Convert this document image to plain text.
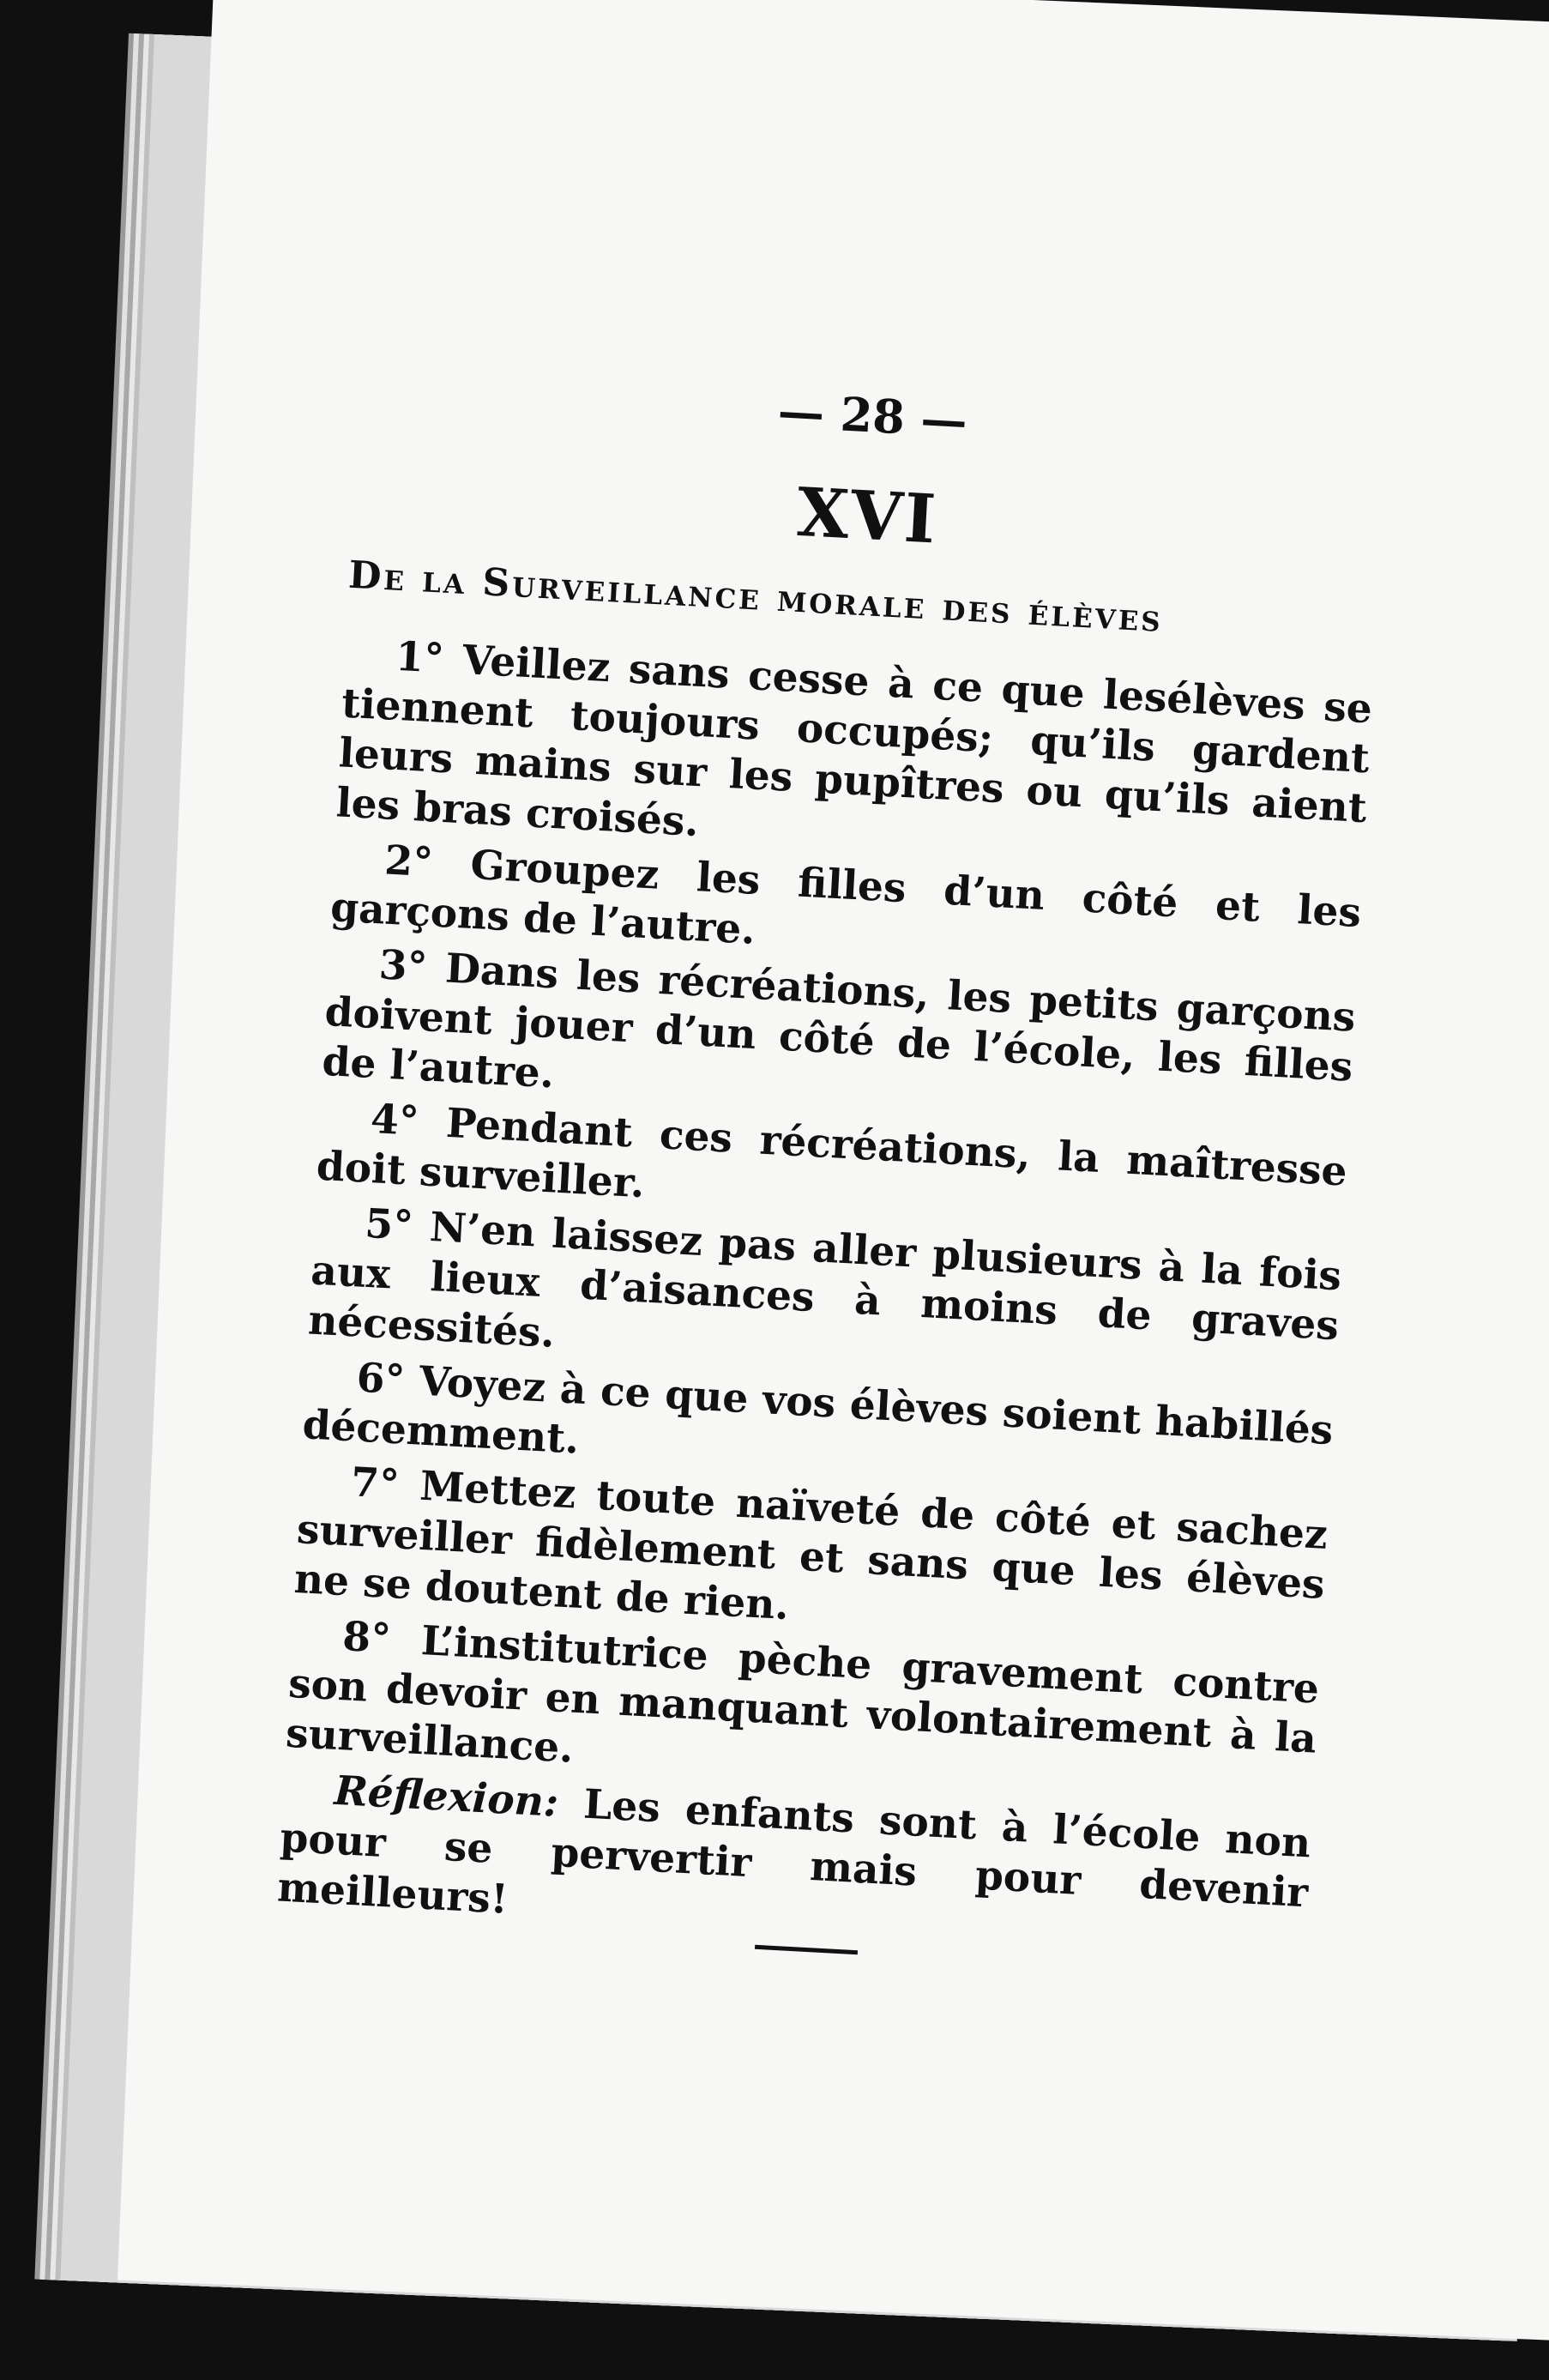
— 28 —
XVI
De la Surveillance morale des élèves

1° Veillez sans cesse à ce que lesélèves se tiennent toujours occupés; qu’ils gardent leurs mains sur les pupîtres ou qu’ils aient les bras croisés.

2° Groupez les filles d’un côté et les garçons de l’autre.

3° Dans les récréations, les petits garçons doivent jouer d’un côté de l’école, les filles de l’autre.

4° Pendant ces récréations, la maîtresse doit surveiller.

5° N’en laissez pas aller plusieurs à la fois aux lieux d’aisances à moins de graves nécessités.

6° Voyez à ce que vos élèves soient habillés décemment.

7° Mettez toute naïveté de côté et sachez surveiller fidèlement et sans que les élèves ne se doutent de rien.

8° L’institutrice pèche gravement contre son devoir en manquant volontairement à la surveillance.

Réflexion: Les enfants sont à l’école non pour se pervertir mais pour devenir meilleurs!
